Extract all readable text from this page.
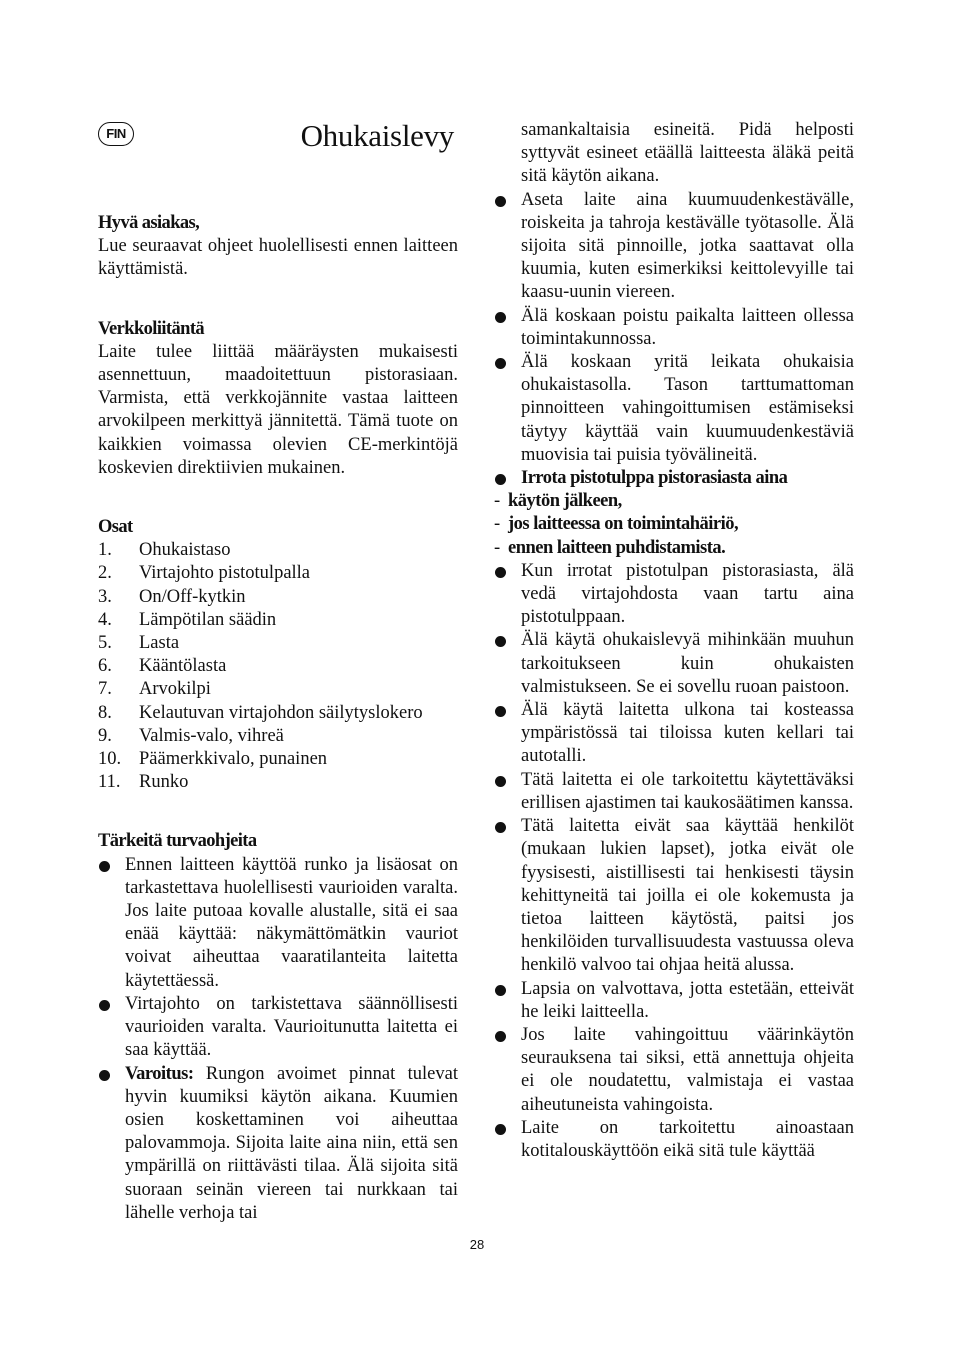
FIN	Ohukaislevy
Hyvä asiakas,

Lue seuraavat ohjeet huolellisesti ennen laitteen käyttämistä.

Verkkoliitäntä

Laite tulee liittää määräysten mukaisesti asennettuun, maadoitettuun pistorasiaan. Varmista, että verkkojännite vastaa laitteen arvokilpeen merkittyä jännitettä. Tämä tuote on kaikkien voimassa olevien CE-merkintöjä koskevien direktiivien mukainen.

Osat
1.	Ohukaistaso
2.	Virtajohto pistotulpalla
3.	On/Off-kytkin
4.	Lämpötilan säädin
5.	Lasta
6.	Kääntölasta
7.	Arvokilpi
8.	Kelautuvan virtajohdon säilytyslokero
9.	Valmis-valo, vihreä
10. Päämerkkivalo, punainen
11.	Runko
Tärkeitä turvaohjeita
Ennen laitteen käyttöä runko ja lisäosat on tarkastettava huolellisesti vaurioiden varalta. Jos laite putoaa kovalle alustalle, sitä ei saa enää käyttää: näkymättömätkin vauriot voivat aiheuttaa vaaratilanteita laitetta käytettäessä.
Virtajohto on tarkistettava säännöllisesti vaurioiden varalta. Vaurioitunutta laitetta ei saa käyttää.
Varoitus: Rungon avoimet pinnat tulevat hyvin kuumiksi käytön aikana. Kuumien osien koskettaminen voi aiheuttaa palovammoja. Sijoita laite aina niin, että sen ympärillä on riittävästi tilaa. Älä sijoita sitä suoraan seinän viereen tai nurkkaan tai lähelle verhoja tai
samankaltaisia esineitä. Pidä helposti syttyvät esineet etäällä laitteesta äläkä peitä sitä käytön aikana.
Aseta laite aina kuumuudenkestävälle, roiskeita ja tahroja kestävälle työtasolle. Älä sijoita sitä pinnoille, jotka saattavat olla kuumia, kuten esimerkiksi keittolevyille tai kaasu-uunin viereen.
Älä koskaan poistu paikalta laitteen ollessa toimintakunnossa.
Älä koskaan yritä leikata ohukaisia ohukaistasolla. Tason tarttumattoman pinnoitteen vahingoittumisen estämiseksi täytyy käyttää vain kuumuudenkestäviä muovisia tai puisia työvälineitä.
Irrota pistotulppa pistorasiasta aina
- käytön jälkeen,
- jos laitteessa on toimintahäiriö,
- ennen laitteen puhdistamista.
Kun irrotat pistotulpan pistorasiasta, älä vedä virtajohdosta vaan tartu aina pistotulppaan.
Älä käytä ohukaislevyä mihinkään muuhun tarkoitukseen kuin ohukaisten valmistukseen. Se ei sovellu ruoan paistoon.
Älä käytä laitetta ulkona tai kosteassa ympäristössä tai tiloissa kuten kellari tai autotalli.
Tätä laitetta ei ole tarkoitettu käytettäväksi erillisen ajastimen tai kaukosäätimen kanssa.
Tätä laitetta eivät saa käyttää henkilöt (mukaan lukien lapset), jotka eivät ole fyysisesti, aistillisesti tai henkisesti täysin kehittyneitä tai joilla ei ole kokemusta ja tietoa laitteen käytöstä, paitsi jos henkilöiden turvallisuudesta vastuussa oleva henkilö valvoo tai ohjaa heitä alussa.
Lapsia on valvottava, jotta estetään, etteivät he leiki laitteella.
Jos laite vahingoittuu väärinkäytön seurauksena tai siksi, että annettuja ohjeita ei ole noudatettu, valmistaja ei vastaa aiheutuneista vahingoista.
Laite on tarkoitettu ainoastaan kotitalouskäyttöön eikä sitä tule käyttää
28
